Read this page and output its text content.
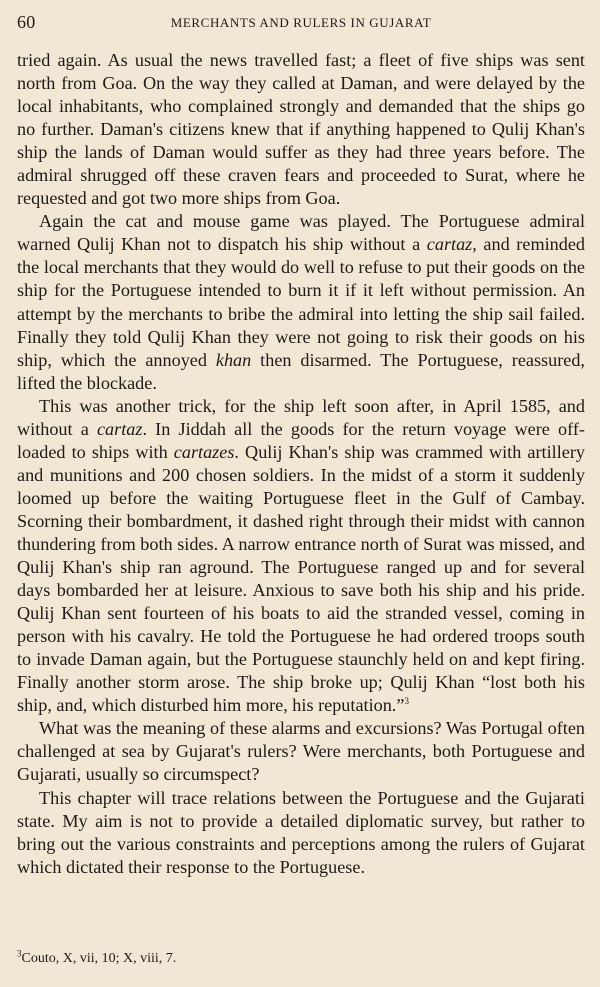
60	MERCHANTS AND RULERS IN GUJARAT

tried again. As usual the news travelled fast; a fleet of five ships was sent north from Goa. On the way they called at Daman, and were delayed by the local inhabitants, who complained strongly and demanded that the ships go no further. Daman's citizens knew that if anything happened to Qulij Khan's ship the lands of Daman would suffer as they had three years before. The admiral shrugged off these craven fears and proceeded to Surat, where he requested and got two more ships from Goa.

Again the cat and mouse game was played. The Portuguese admiral warned Qulij Khan not to dispatch his ship without a cartaz, and reminded the local merchants that they would do well to refuse to put their goods on the ship for the Portuguese intended to burn it if it left without permission. An attempt by the merchants to bribe the admiral into letting the ship sail failed. Finally they told Qulij Khan they were not going to risk their goods on his ship, which the annoyed khan then disarmed. The Portuguese, reassured, lifted the blockade.

This was another trick, for the ship left soon after, in April 1585, and without a cartaz. In Jiddah all the goods for the return voyage were off-loaded to ships with cartazes. Qulij Khan's ship was crammed with artillery and munitions and 200 chosen soldiers. In the midst of a storm it suddenly loomed up before the waiting Portuguese fleet in the Gulf of Cambay. Scorning their bombardment, it dashed right through their midst with cannon thundering from both sides. A narrow entrance north of Surat was missed, and Qulij Khan's ship ran aground. The Portuguese ranged up and for several days bombarded her at leisure. Anxious to save both his ship and his pride. Qulij Khan sent fourteen of his boats to aid the stranded vessel, coming in person with his cavalry. He told the Portuguese he had ordered troops south to invade Daman again, but the Portuguese staunchly held on and kept firing. Finally another storm arose. The ship broke up; Qulij Khan “lost both his ship, and, which disturbed him more, his reputation.”$^3$

What was the meaning of these alarms and excursions? Was Portugal often challenged at sea by Gujarat's rulers? Were merchants, both Portuguese and Gujarati, usually so circumspect?

This chapter will trace relations between the Portuguese and the Gujarati state. My aim is not to provide a detailed diplomatic survey, but rather to bring out the various constraints and perceptions among the rulers of Gujarat which dictated their response to the Portuguese.

$^3$Couto, X, vii, 10; X, viii, 7.
